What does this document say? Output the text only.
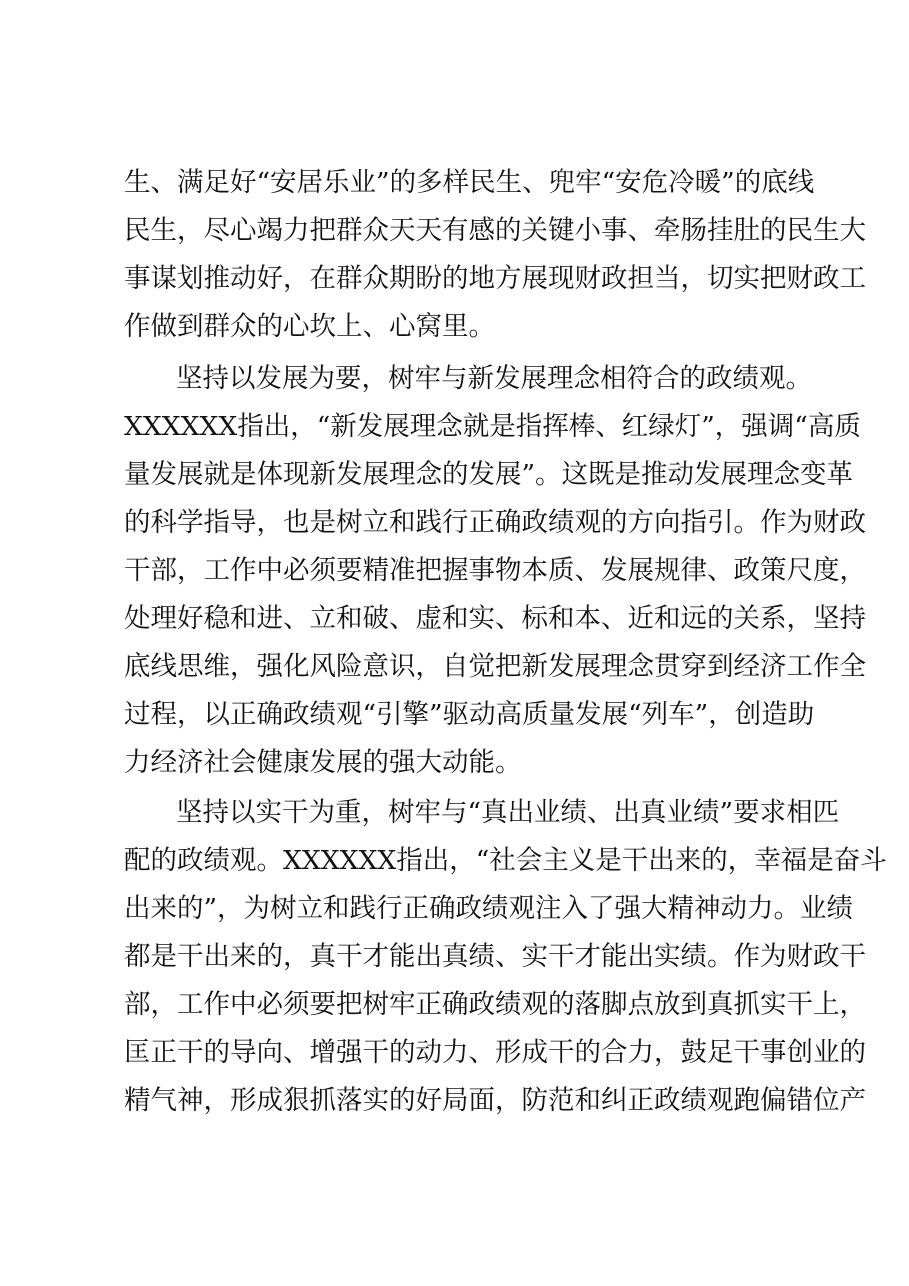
生、满足好“安居乐业”的多样民生、兜牢“安危冷暖”的底线
民生，尽心竭力把群众天天有感的关键小事、牵肠挂肚的民生大
事谋划推动好，在群众期盼的地方展现财政担当，切实把财政工
作做到群众的心坎上、心窝里。
坚持以发展为要，树牢与新发展理念相符合的政绩观。
XXXXXX指出，“新发展理念就是指挥棒、红绿灯”，强调“高质
量发展就是体现新发展理念的发展”。这既是推动发展理念变革
的科学指导，也是树立和践行正确政绩观的方向指引。作为财政
干部，工作中必须要精准把握事物本质、发展规律、政策尺度，
处理好稳和进、立和破、虚和实、标和本、近和远的关系，坚持
底线思维，强化风险意识，自觉把新发展理念贯穿到经济工作全
过程，以正确政绩观“引擎”驱动高质量发展“列车”，创造助
力经济社会健康发展的强大动能。
坚持以实干为重，树牢与“真出业绩、出真业绩”要求相匹
配的政绩观。XXXXXX指出，“社会主义是干出来的，幸福是奋斗
出来的”，为树立和践行正确政绩观注入了强大精神动力。业绩
都是干出来的，真干才能出真绩、实干才能出实绩。作为财政干
部，工作中必须要把树牢正确政绩观的落脚点放到真抓实干上，
匡正干的导向、增强干的动力、形成干的合力，鼓足干事创业的
精气神，形成狠抓落实的好局面，防范和纠正政绩观跑偏错位产
